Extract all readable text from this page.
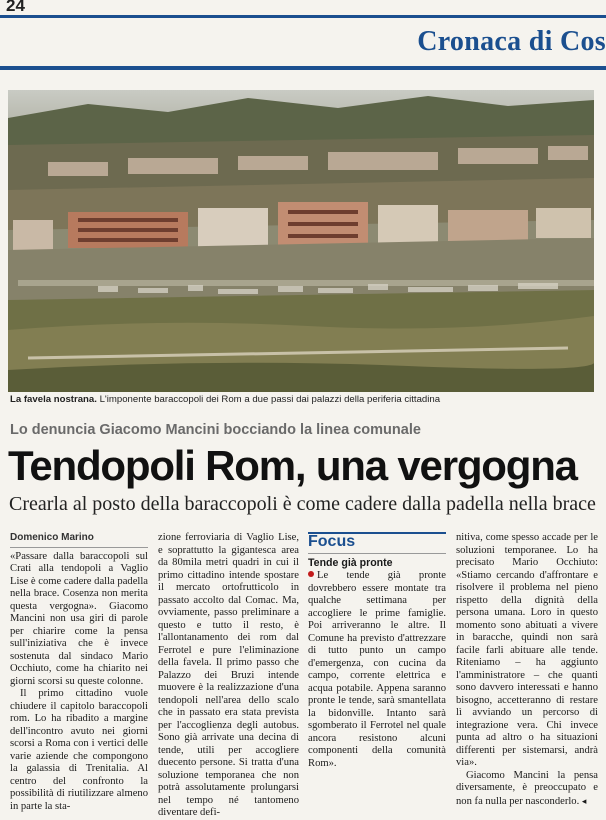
24
Cronaca di Cos
La favela nostrana. L'imponente baraccopoli dei Rom a due passi dai palazzi della periferia cittadina
Lo denuncia Giacomo Mancini bocciando la linea comunale
Tendopoli Rom, una vergogna
Crearla al posto della baraccopoli è come cadere dalla padella nella brace
Domenico Marino

«Passare dalla baraccopoli sul Crati alla tendopoli a Vaglio Lise è come cadere dalla padella nella brace. Cosenza non merita questa vergogna». Giacomo Mancini non usa giri di parole per chiarire come la pensa sull'iniziativa che è invece sostenuta dal sindaco Mario Occhiuto, come ha chiarito nei giorni scorsi su queste colonne.

Il primo cittadino vuole chiudere il capitolo baraccopoli rom. Lo ha ribadito a margine dell'incontro avuto nei giorni scorsi a Roma con i vertici delle varie aziende che compongono la galassia di Trenitalia. Al centro del confronto la possibilità di riutilizzare almeno in parte la sta-

zione ferroviaria di Vaglio Lise, e soprattutto la gigantesca area da 80mila metri quadri in cui il primo cittadino intende spostare il mercato ortofrutticolo in passato accolto dal Comac. Ma, ovviamente, passo preliminare a questo e tutto il resto, è l'allontanamento dei rom dal Ferrotel e pure l'eliminazione della favela. Il primo passo che Palazzo dei Bruzi intende muovere è la realizzazione d'una tendopoli nell'area dello scalo che in passato era stata prevista per l'accoglienza degli autobus. Sono già arrivate una decina di tende, utili per accogliere duecento persone. Si tratta d'una soluzione temporanea che non potrà assolutamente prolungarsi nel tempo né tantomeno diventare defi-

Focus
Tende già pronte

Le tende già pronte dovrebbero essere montate tra qualche settimana per accogliere le prime famiglie. Poi arriveranno le altre. Il Comune ha previsto d'attrezzare di tutto punto un campo d'emergenza, con cucina da campo, corrente elettrica e acqua potabile. Appena saranno pronte le tende, sarà smantellata la bidonville. Intanto sarà sgomberato il Ferrotel nel quale ancora resistono alcuni componenti della comunità Rom».

nitiva, come spesso accade per le soluzioni temporanee. Lo ha precisato Mario Occhiuto: «Stiamo cercando d'affrontare e risolvere il problema nel pieno rispetto della dignità della persona umana. Loro in questo momento sono abituati a vivere in baracche, quindi non sarà facile farli abituare alle tende. Riteniamo – ha aggiunto l'amministratore – che quanti sono davvero interessati e hanno bisogno, accetteranno di restare lì avviando un percorso di integrazione vera. Chi invece punta ad altro o ha situazioni differenti per sistemarsi, andrà via».

Giacomo Mancini la pensa diversamente, è preoccupato e non fa nulla per nasconderlo. ◂
